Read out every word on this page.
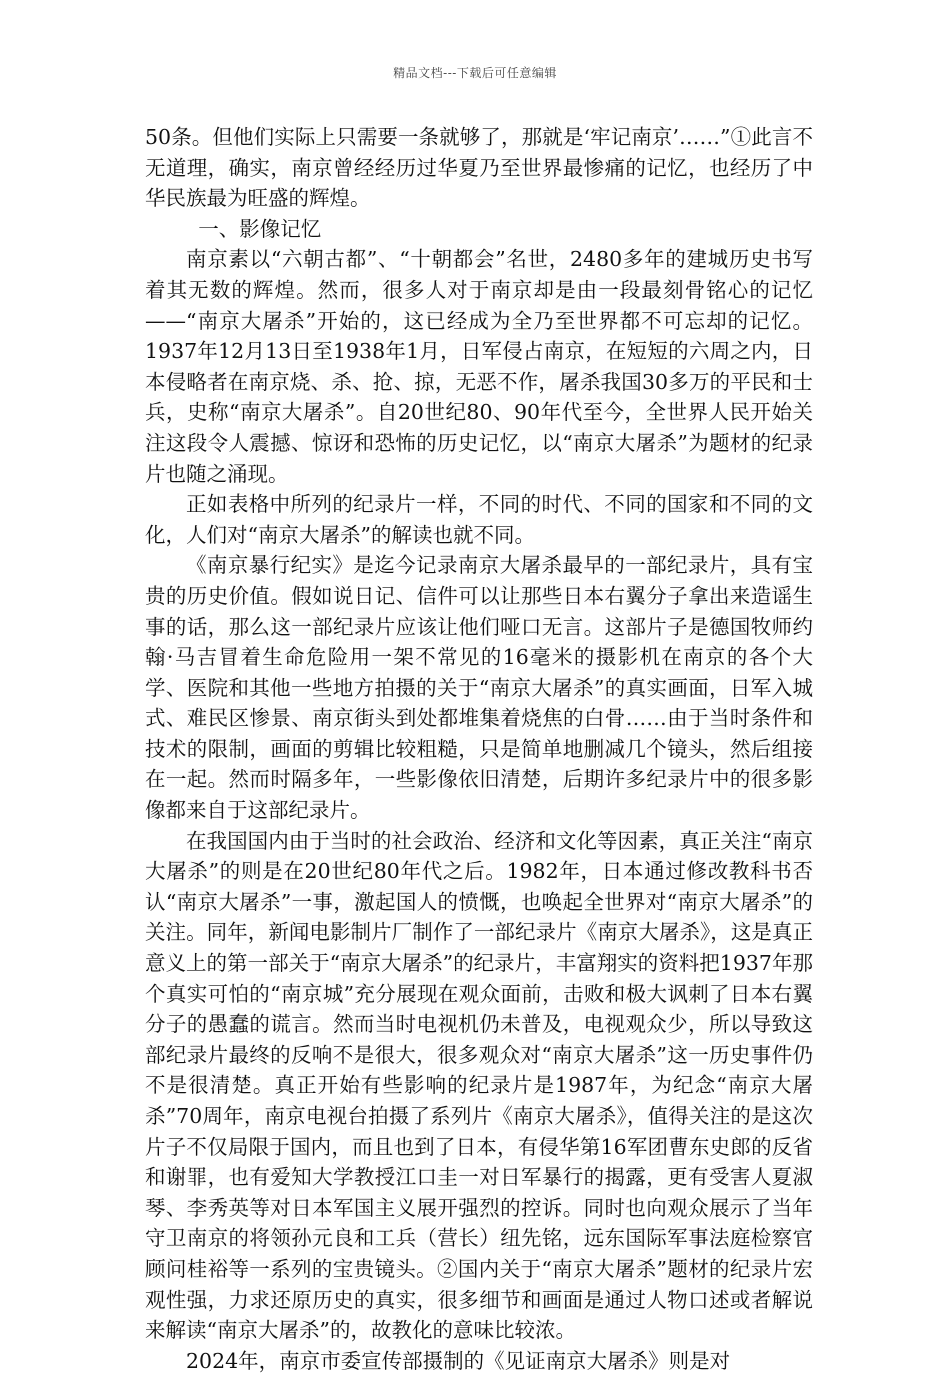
精品文档---下载后可任意编辑

50条。但他们实际上只需要一条就够了，那就是‘牢记南京’……”①此言不无道理，确实，南京曾经经历过华夏乃至世界最惨痛的记忆，也经历了中华民族最为旺盛的辉煌。

一、影像记忆

南京素以“六朝古都”、“十朝都会”名世，2480多年的建城历史书写着其无数的辉煌。然而，很多人对于南京却是由一段最刻骨铭心的记忆——“南京大屠杀”开始的，这已经成为全乃至世界都不可忘却的记忆。1937年12月13日至1938年1月，日军侵占南京，在短短的六周之内，日本侵略者在南京烧、杀、抢、掠，无恶不作，屠杀我国30多万的平民和士兵，史称“南京大屠杀”。自20世纪80、90年代至今，全世界人民开始关注这段令人震撼、惊讶和恐怖的历史记忆，以“南京大屠杀”为题材的纪录片也随之涌现。

正如表格中所列的纪录片一样，不同的时代、不同的国家和不同的文化，人们对“南京大屠杀”的解读也就不同。

《南京暴行纪实》是迄今记录南京大屠杀最早的一部纪录片，具有宝贵的历史价值。假如说日记、信件可以让那些日本右翼分子拿出来造谣生事的话，那么这一部纪录片应该让他们哑口无言。这部片子是德国牧师约翰·马吉冒着生命危险用一架不常见的16毫米的摄影机在南京的各个大学、医院和其他一些地方拍摄的关于“南京大屠杀”的真实画面，日军入城式、难民区惨景、南京街头到处都堆集着烧焦的白骨……由于当时条件和技术的限制，画面的剪辑比较粗糙，只是简单地删减几个镜头，然后组接在一起。然而时隔多年，一些影像依旧清楚，后期许多纪录片中的很多影像都来自于这部纪录片。

在我国国内由于当时的社会政治、经济和文化等因素，真正关注“南京大屠杀”的则是在20世纪80年代之后。1982年，日本通过修改教科书否认“南京大屠杀”一事，激起国人的愤慨，也唤起全世界对“南京大屠杀”的关注。同年，新闻电影制片厂制作了一部纪录片《南京大屠杀》，这是真正意义上的第一部关于“南京大屠杀”的纪录片，丰富翔实的资料把1937年那个真实可怕的“南京城”充分展现在观众面前，击败和极大讽刺了日本右翼分子的愚蠢的谎言。然而当时电视机仍未普及，电视观众少，所以导致这部纪录片最终的反响不是很大，很多观众对“南京大屠杀”这一历史事件仍不是很清楚。真正开始有些影响的纪录片是1987年，为纪念“南京大屠杀”70周年，南京电视台拍摄了系列片《南京大屠杀》，值得关注的是这次片子不仅局限于国内，而且也到了日本，有侵华第16军团曹东史郎的反省和谢罪，也有爱知大学教授江口圭一对日军暴行的揭露，更有受害人夏淑琴、李秀英等对日本军国主义展开强烈的控诉。同时也向观众展示了当年守卫南京的将领孙元良和工兵（营长）纽先铭，远东国际军事法庭检察官顾问桂裕等一系列的宝贵镜头。②国内关于“南京大屠杀”题材的纪录片宏观性强，力求还原历史的真实，很多细节和画面是通过人物口述或者解说来解读“南京大屠杀”的，故教化的意味比较浓。

2024年，南京市委宣传部摄制的《见证南京大屠杀》则是对
